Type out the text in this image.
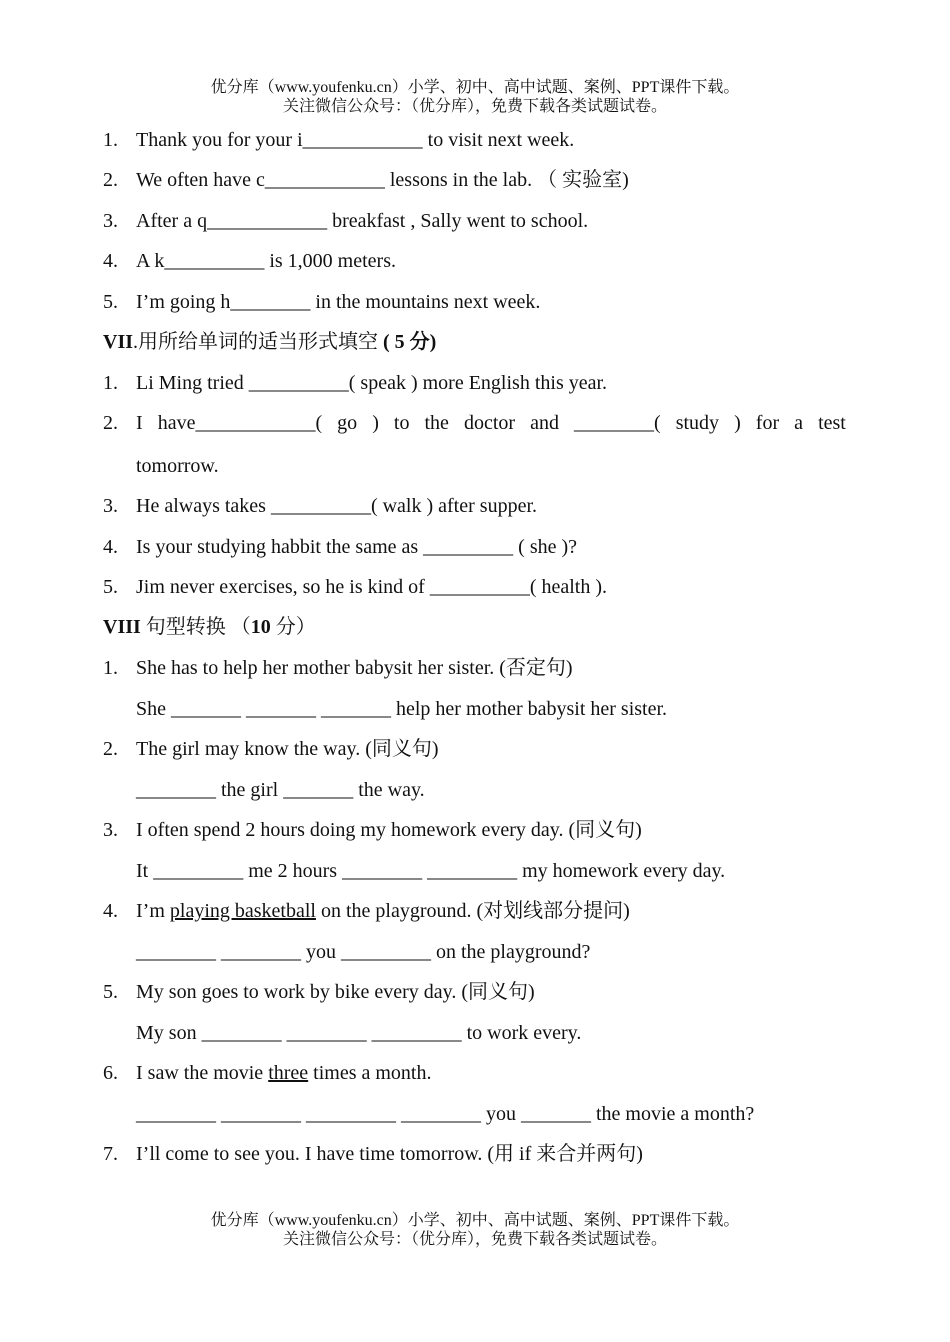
优分库（www.youfenku.cn）小学、初中、高中试题、案例、PPT课件下载。
关注微信公众号：（优分库），免费下载各类试题试卷。
1. Thank you for your i____________ to visit next week.
2. We often have c____________ lessons in the lab. （ 实验室)
3. After a q____________ breakfast , Sally went to school.
4. A k__________ is 1,000 meters.
5. I’m going h________ in the mountains next week.
VII.用所给单词的适当形式填空 ( 5 分)
1. Li Ming tried __________( speak ) more English this year.
2. I have____________( go ) to the doctor and ________( study ) for a test
tomorrow.
3. He always takes __________( walk ) after supper.
4. Is your studying habbit the same as _________ ( she )?
5. Jim never exercises, so he is kind of __________( health ).
VIII 句型转换 （10 分）
1. She has to help her mother babysit her sister. (否定句)
She _______ _______ _______ help her mother babysit her sister.
2. The girl may know the way. (同义句)
________ the girl _______ the way.
3. I often spend 2 hours doing my homework every day. (同义句)
It _________ me 2 hours ________ _________ my homework every day.
4. I’m playing basketball on the playground. (对划线部分提问)
________ ________ you _________ on the playground?
5. My son goes to work by bike every day. (同义句)
My son ________ ________ _________ to work every.
6. I saw the movie three times a month.
________ ________ _________ ________ you _______ the movie a month?
7. I’ll come to see you. I have time tomorrow. (用 if 来合并两句)
优分库（www.youfenku.cn）小学、初中、高中试题、案例、PPT课件下载。
关注微信公众号：（优分库），免费下载各类试题试卷。
